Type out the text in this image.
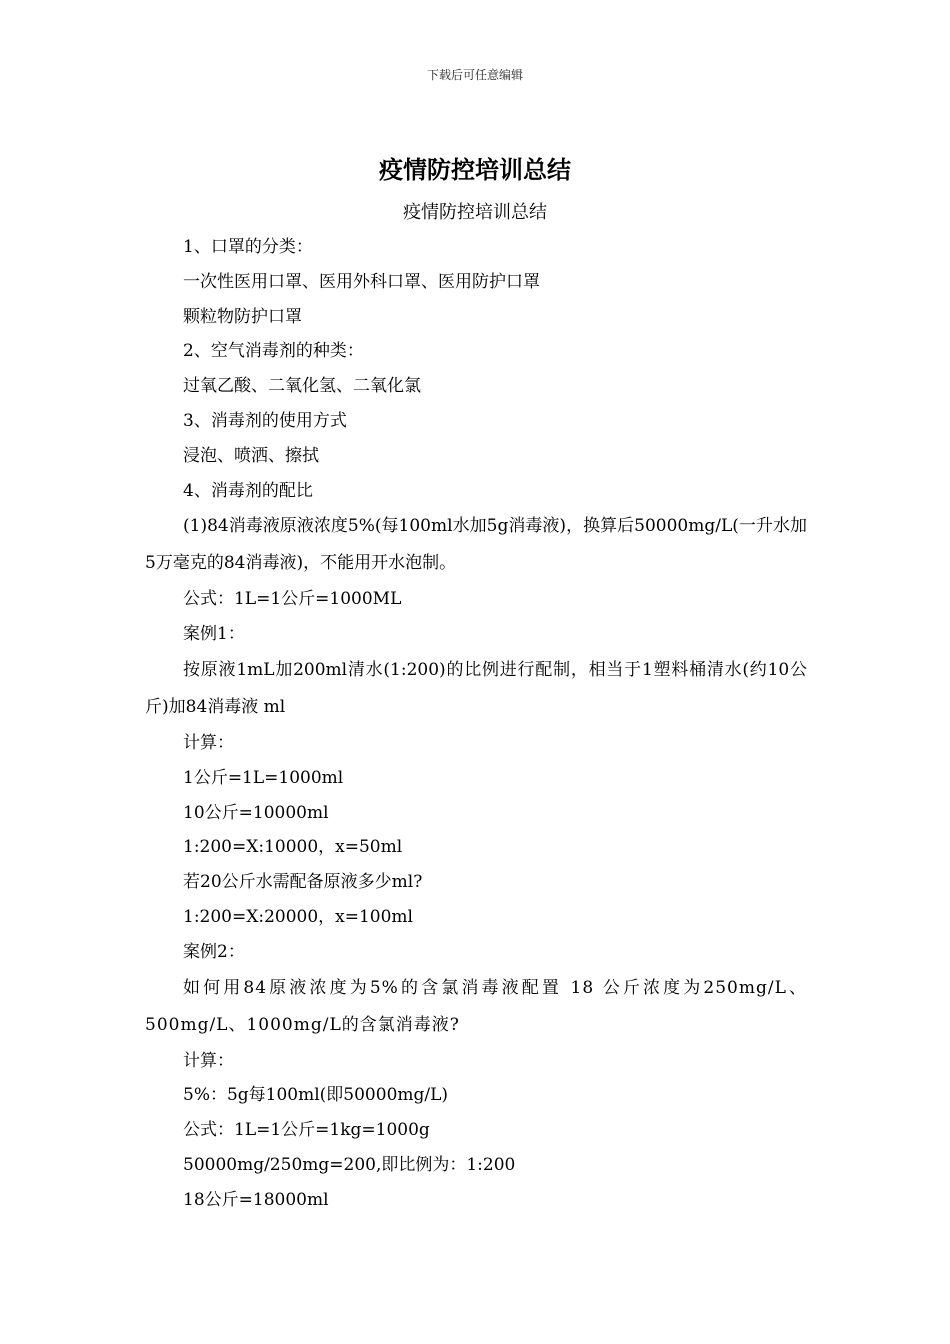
下载后可任意编辑
疫情防控培训总结
疫情防控培训总结
1、口罩的分类：
一次性医用口罩、医用外科口罩、医用防护口罩
颗粒物防护口罩
2、空气消毒剂的种类：
过氧乙酸、二氧化氢、二氧化氯
3、消毒剂的使用方式
浸泡、喷洒、擦拭
4、消毒剂的配比

(1)84消毒液原液浓度5%(每100ml水加5g消毒液)，换算后50000mg/L(一升水加5万毫克的84消毒液)，不能用开水泡制。

公式：1L=1公斤=1000ML
案例1：

按原液1mL加200ml清水(1:200)的比例进行配制，相当于1塑料桶清水(约10公斤)加84消毒液 ml

计算：
1公斤=1L=1000ml
10公斤=10000ml
1:200=X:10000，x=50ml
若20公斤水需配备原液多少ml?
1:200=X:20000，x=100ml
案例2：

如何用84原液浓度为5%的含氯消毒液配置 18 公斤浓度为250mg/L、500mg/L、1000mg/L的含氯消毒液?

计算：
5%：5g每100ml(即50000mg/L)
公式：1L=1公斤=1kg=1000g
50000mg/250mg=200,即比例为：1:200
18公斤=18000ml
